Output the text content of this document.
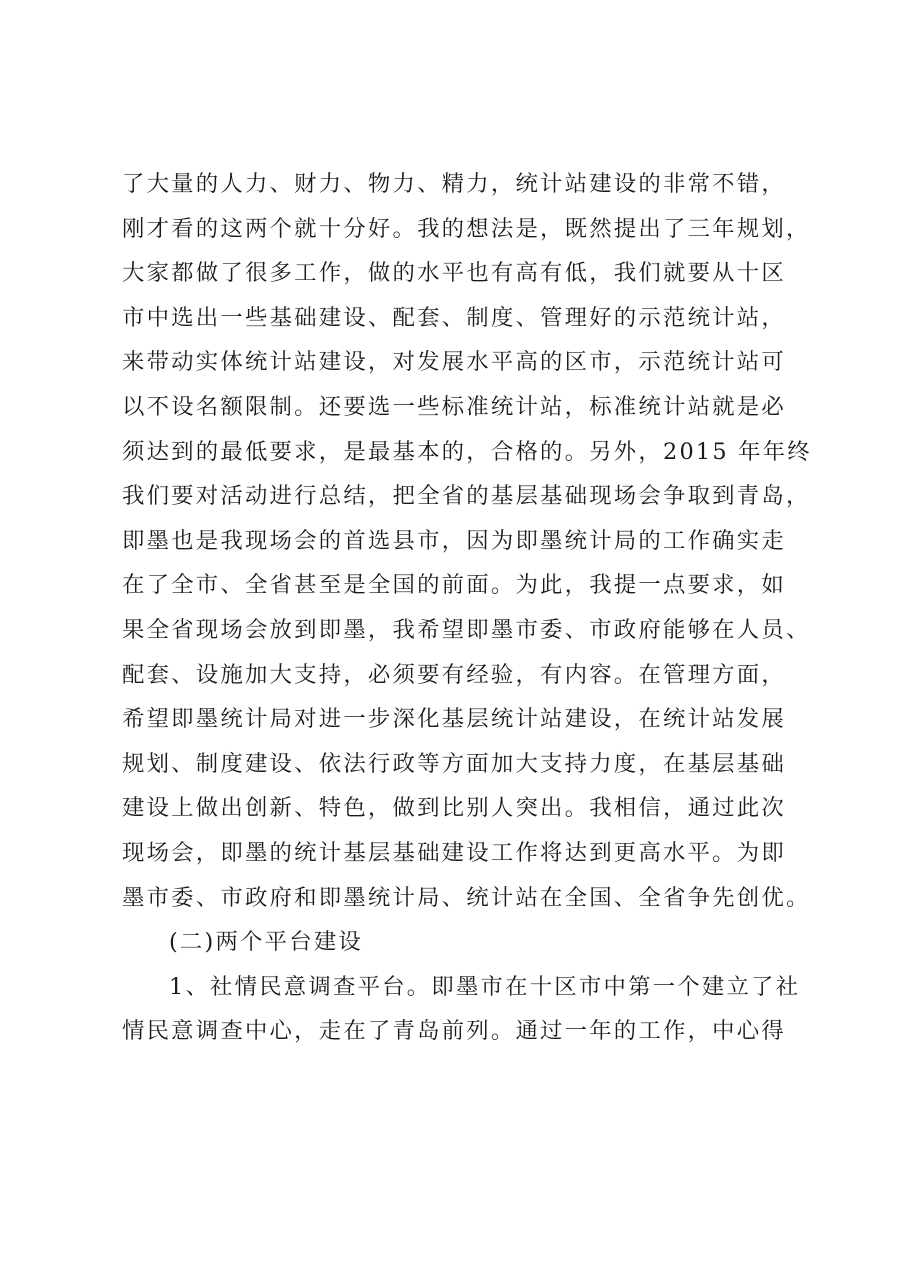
了大量的人力、财力、物力、精力，统计站建设的非常不错，
刚才看的这两个就十分好。我的想法是，既然提出了三年规划，
大家都做了很多工作，做的水平也有高有低，我们就要从十区
市中选出一些基础建设、配套、制度、管理好的示范统计站，
来带动实体统计站建设，对发展水平高的区市，示范统计站可
以不设名额限制。还要选一些标准统计站，标准统计站就是必
须达到的最低要求，是最基本的，合格的。另外，2015 年年终
我们要对活动进行总结，把全省的基层基础现场会争取到青岛，
即墨也是我现场会的首选县市，因为即墨统计局的工作确实走
在了全市、全省甚至是全国的前面。为此，我提一点要求，如
果全省现场会放到即墨，我希望即墨市委、市政府能够在人员、
配套、设施加大支持，必须要有经验，有内容。在管理方面，
希望即墨统计局对进一步深化基层统计站建设，在统计站发展
规划、制度建设、依法行政等方面加大支持力度，在基层基础
建设上做出创新、特色，做到比别人突出。我相信，通过此次
现场会，即墨的统计基层基础建设工作将达到更高水平。为即
墨市委、市政府和即墨统计局、统计站在全国、全省争先创优。
(二)两个平台建设
1、社情民意调查平台。即墨市在十区市中第一个建立了社
情民意调查中心，走在了青岛前列。通过一年的工作，中心得
